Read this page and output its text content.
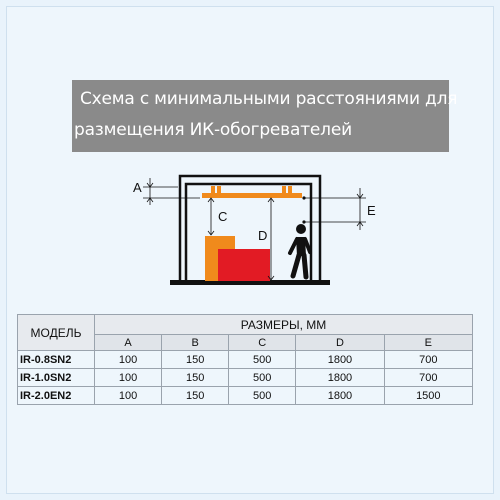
Схема с минимальными расстояниями для
размещения ИК-обогревателей
A
C
D
E
МОДЕЛЬ	РАЗМЕРЫ, ММ				
	A	B	C	D	E
IR-0.8SN2	100	150	500	1800	700
IR-1.0SN2	100	150	500	1800	700
IR-2.0EN2	100	150	500	1800	1500
